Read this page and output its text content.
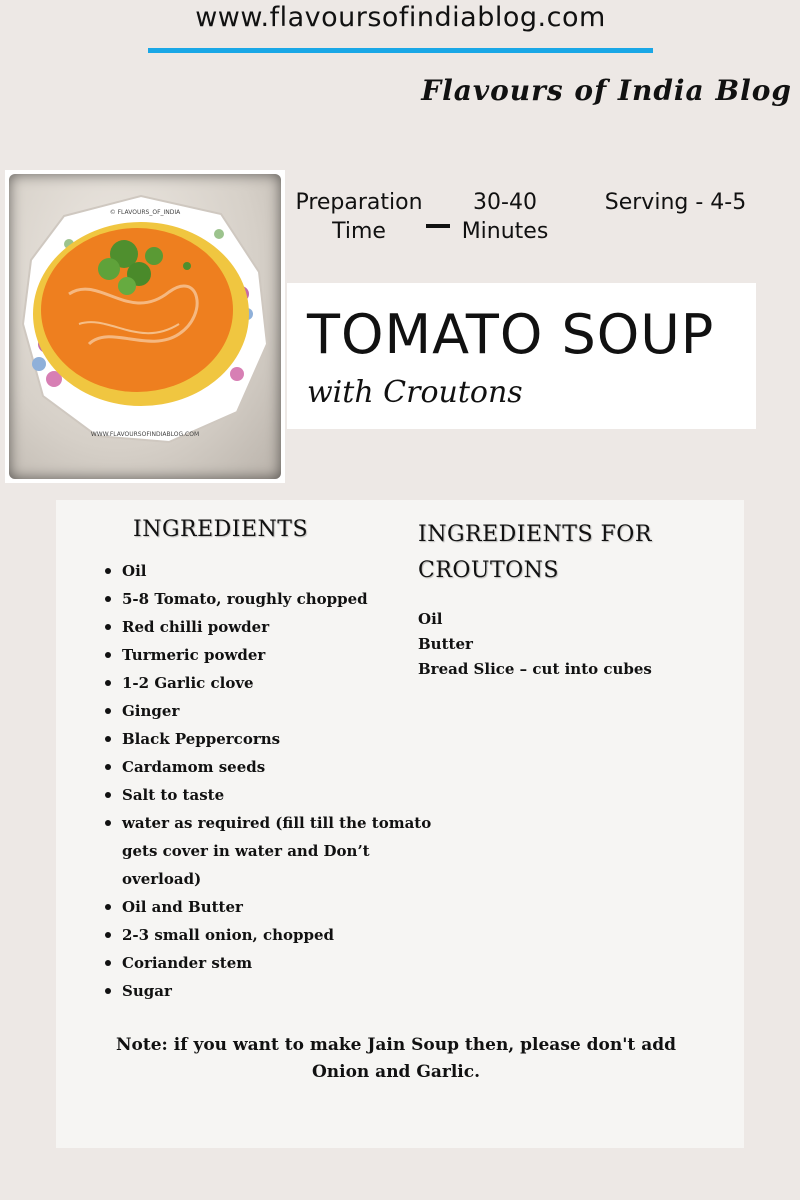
www.flavoursofindiablog.com
Flavours of India Blog
© FLAVOURS_OF_INDIA
WWW.FLAVOURSOFINDIABLOG.COM
Preparation
Time
30-40
Minutes
Serving - 4-5
TOMATO SOUP
with Croutons
INGREDIENTS
Oil
5-8 Tomato, roughly chopped
Red chilli powder
Turmeric powder
1-2 Garlic clove
Ginger
Black Peppercorns
Cardamom seeds
Salt to taste
water as required (fill till the tomato gets cover in water and Don’t overload)
Oil and Butter
2-3 small onion, chopped
Coriander stem
Sugar
INGREDIENTS FOR CROUTONS
Oil
Butter
Bread Slice – cut into cubes
Note: if you want to make Jain Soup then, please don't add Onion and Garlic.
